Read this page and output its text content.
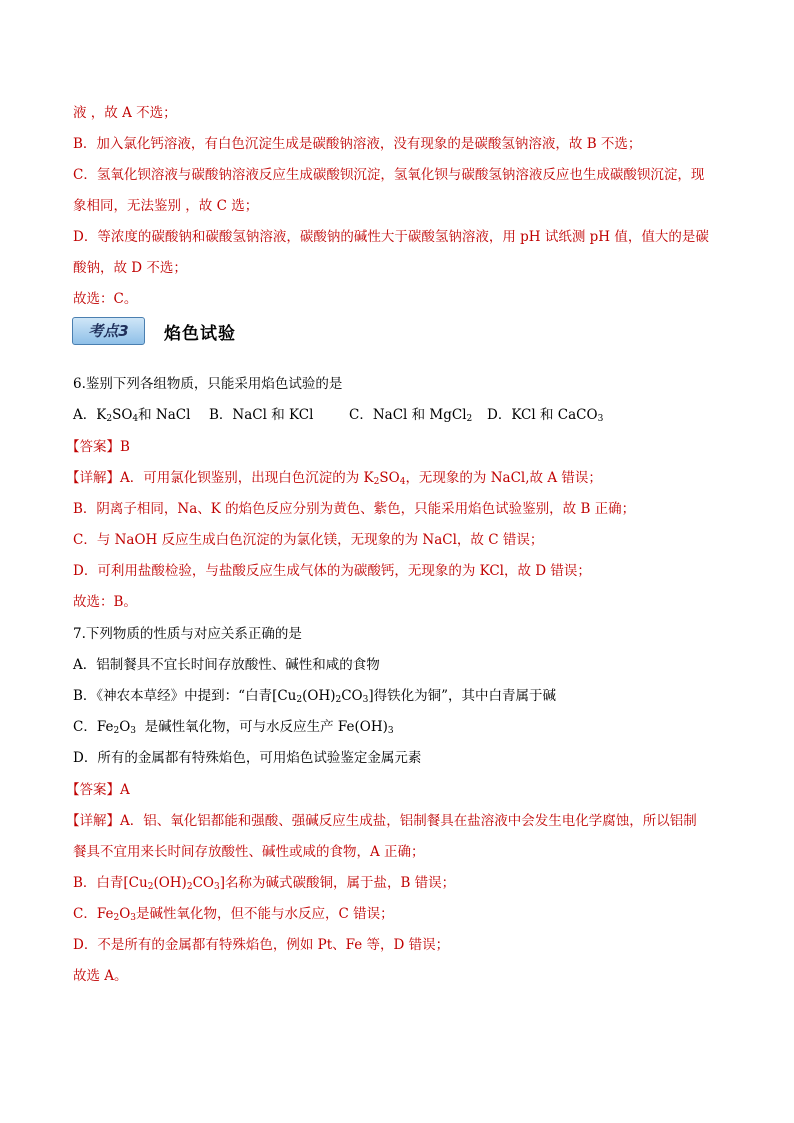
液 ，故 A 不选；
B．加入氯化钙溶液，有白色沉淀生成是碳酸钠溶液，没有现象的是碳酸氢钠溶液，故 B 不选；
C．氢氧化钡溶液与碳酸钠溶液反应生成碳酸钡沉淀，氢氧化钡与碳酸氢钠溶液反应也生成碳酸钡沉淀，现
象相同，无法鉴别 ，故 C 选；
D．等浓度的碳酸钠和碳酸氢钠溶液，碳酸钠的碱性大于碳酸氢钠溶液，用 pH 试纸测 pH 值，值大的是碳
酸钠，故 D 不选；
故选：C。
考点3	焰色试验
6.鉴别下列各组物质，只能采用焰色试验的是
A．$K_2SO_4$和 NaCl B．NaCl 和 KCl	C．NaCl 和 MgCl$_2$ D．KCl 和 CaCO$_3$
【答案】B
【详解】A．可用氯化钡鉴别，出现白色沉淀的为 $K_2SO_4$，无现象的为 NaCl,故 A 错误；
B．阴离子相同，Na、K 的焰色反应分别为黄色、紫色，只能采用焰色试验鉴别，故 B 正确；
C．与 NaOH 反应生成白色沉淀的为氯化镁，无现象的为 NaCl，故 C 错误；
D．可利用盐酸检验，与盐酸反应生成气体的为碳酸钙，无现象的为 KCl，故 D 错误；
故选：B。
7.下列物质的性质与对应关系正确的是
A．铝制餐具不宜长时间存放酸性、碱性和咸的食物
B．《神农本草经》中提到：“白青$[Cu_2(OH)_2CO_3]$得铁化为铜”，其中白青属于碱
C．$Fe_2O_3$  是碱性氧化物，可与水反应生产 $Fe(OH)_3$
D．所有的金属都有特殊焰色，可用焰色试验鉴定金属元素
【答案】A
【详解】A．铝、氧化铝都能和强酸、强碱反应生成盐，铝制餐具在盐溶液中会发生电化学腐蚀，所以铝制
餐具不宜用来长时间存放酸性、碱性或咸的食物，A 正确；
B．白青$[Cu_2(OH)_2CO_3]$名称为碱式碳酸铜，属于盐，B 错误；
C．$Fe_2O_3$是碱性氧化物，但不能与水反应，C 错误；
D．不是所有的金属都有特殊焰色，例如 Pt、Fe 等，D 错误；
故选 A。
